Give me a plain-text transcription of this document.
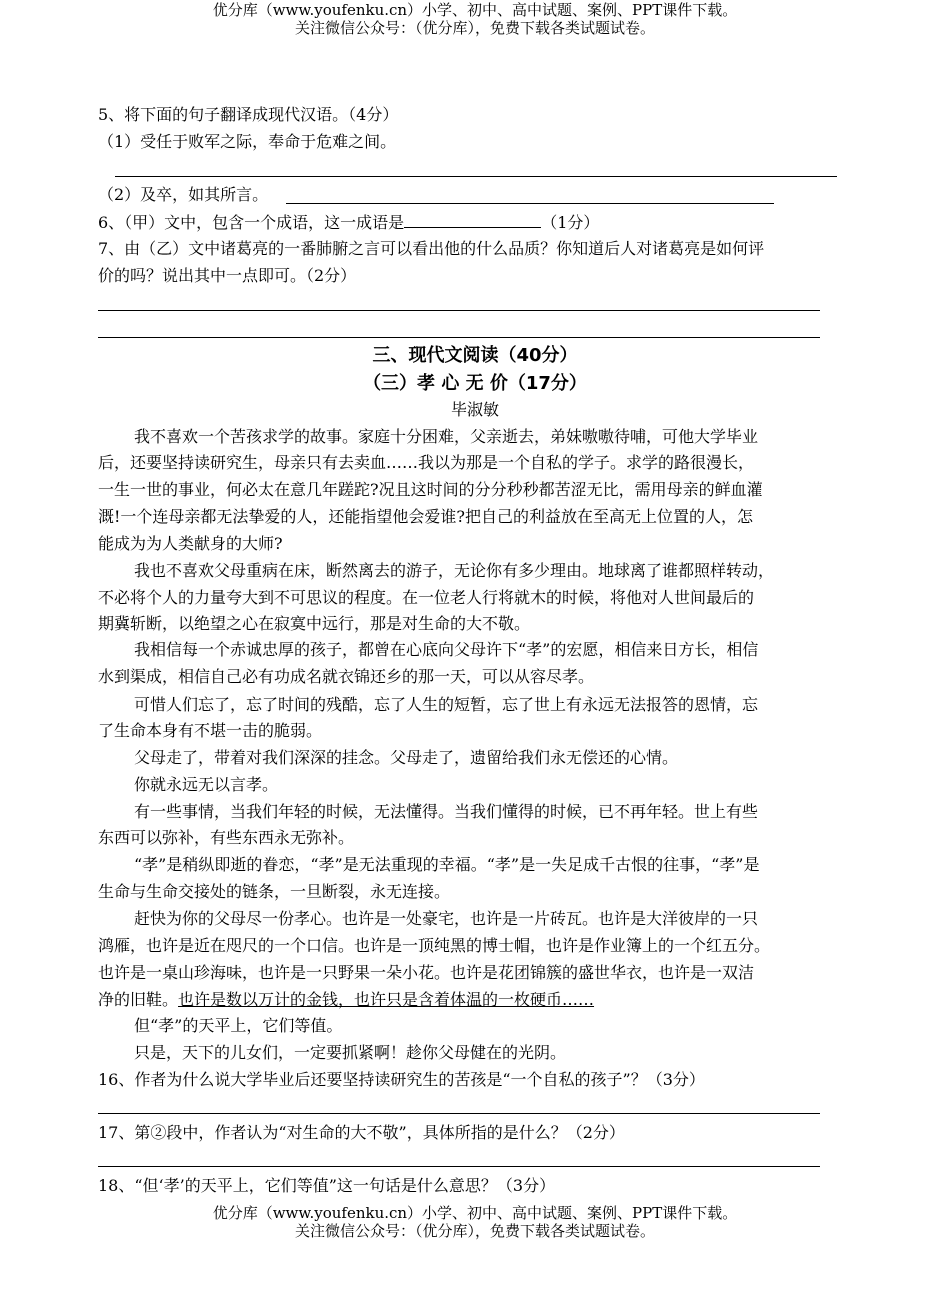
优分库（www.youfenku.cn）小学、初中、高中试题、案例、PPT课件下载。
关注微信公众号：（优分库），免费下载各类试题试卷。
5、将下面的句子翻译成现代汉语。（4分）
（1）受任于败军之际，奉命于危难之间。
（2）及卒，如其所言。
6、（甲）文中，包含一个成语，这一成语是	（1分）
7、由（乙）文中诸葛亮的一番肺腑之言可以看出他的什么品质？你知道后人对诸葛亮是如何评
价的吗？说出其中一点即可。（2分）
三、现代文阅读（40分）
（三）孝 心 无 价（17分）
毕淑敏
我不喜欢一个苦孩求学的故事。家庭十分困难，父亲逝去，弟妹嗷嗷待哺，可他大学毕业
后，还要坚持读研究生，母亲只有去卖血……我以为那是一个自私的学子。求学的路很漫长，
一生一世的事业，何必太在意几年蹉跎?况且这时间的分分秒秒都苦涩无比，需用母亲的鲜血灌
溉!一个连母亲都无法挚爱的人，还能指望他会爱谁?把自己的利益放在至高无上位置的人，怎
能成为为人类献身的大师?
我也不喜欢父母重病在床，断然离去的游子，无论你有多少理由。地球离了谁都照样转动，
不必将个人的力量夸大到不可思议的程度。在一位老人行将就木的时候，将他对人世间最后的
期冀斩断，以绝望之心在寂寞中远行，那是对生命的大不敬。
我相信每一个赤诚忠厚的孩子，都曾在心底向父母许下“孝”的宏愿，相信来日方长，相信
水到渠成，相信自己必有功成名就衣锦还乡的那一天，可以从容尽孝。
可惜人们忘了，忘了时间的残酷，忘了人生的短暂，忘了世上有永远无法报答的恩情，忘
了生命本身有不堪一击的脆弱。
父母走了，带着对我们深深的挂念。父母走了，遗留给我们永无偿还的心情。
你就永远无以言孝。
有一些事情，当我们年轻的时候，无法懂得。当我们懂得的时候，已不再年轻。世上有些
东西可以弥补，有些东西永无弥补。
“孝”是稍纵即逝的眷恋，“孝”是无法重现的幸福。“孝”是一失足成千古恨的往事，“孝”是
生命与生命交接处的链条，一旦断裂，永无连接。
赶快为你的父母尽一份孝心。也许是一处豪宅，也许是一片砖瓦。也许是大洋彼岸的一只
鸿雁，也许是近在咫尺的一个口信。也许是一顶纯黑的博士帽，也许是作业簿上的一个红五分。
也许是一桌山珍海味，也许是一只野果一朵小花。也许是花团锦簇的盛世华衣，也许是一双洁
净的旧鞋。也许是数以万计的金钱，也许只是含着体温的一枚硬币……
但“孝”的天平上，它们等值。
只是，天下的儿女们，一定要抓紧啊！趁你父母健在的光阴。
16、作者为什么说大学毕业后还要坚持读研究生的苦孩是“一个自私的孩子”？（3分）
17、第②段中，作者认为“对生命的大不敬”，具体所指的是什么？（2分）
18、“但‘孝’的天平上，它们等值”这一句话是什么意思？（3分）
优分库（www.youfenku.cn）小学、初中、高中试题、案例、PPT课件下载。
关注微信公众号：（优分库），免费下载各类试题试卷。
